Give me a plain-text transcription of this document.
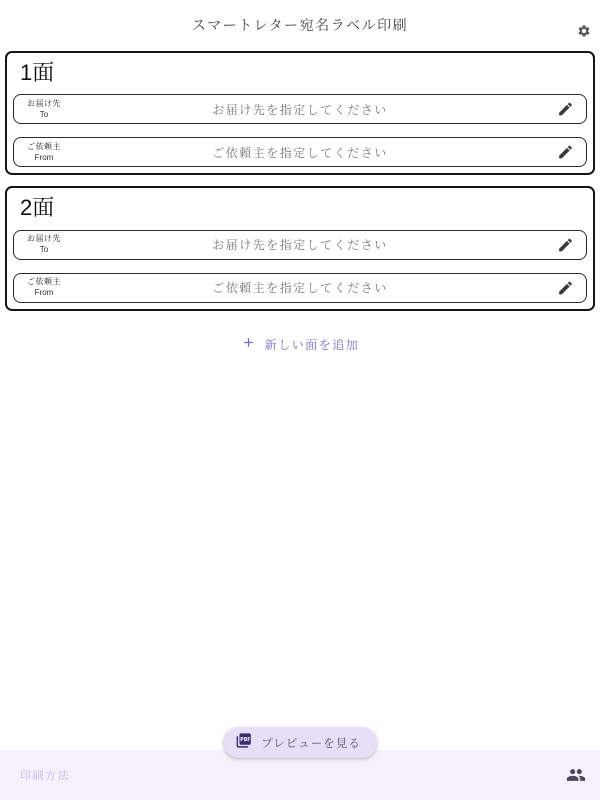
スマートレター宛名ラベル印刷
1面
お届け先
To	お届け先を指定してください
ご依頼主
From	ご依頼主を指定してください
2面
お届け先
To	お届け先を指定してください
ご依頼主
From	ご依頼主を指定してください
新しい面を追加
印刷方法
プレビューを見る
